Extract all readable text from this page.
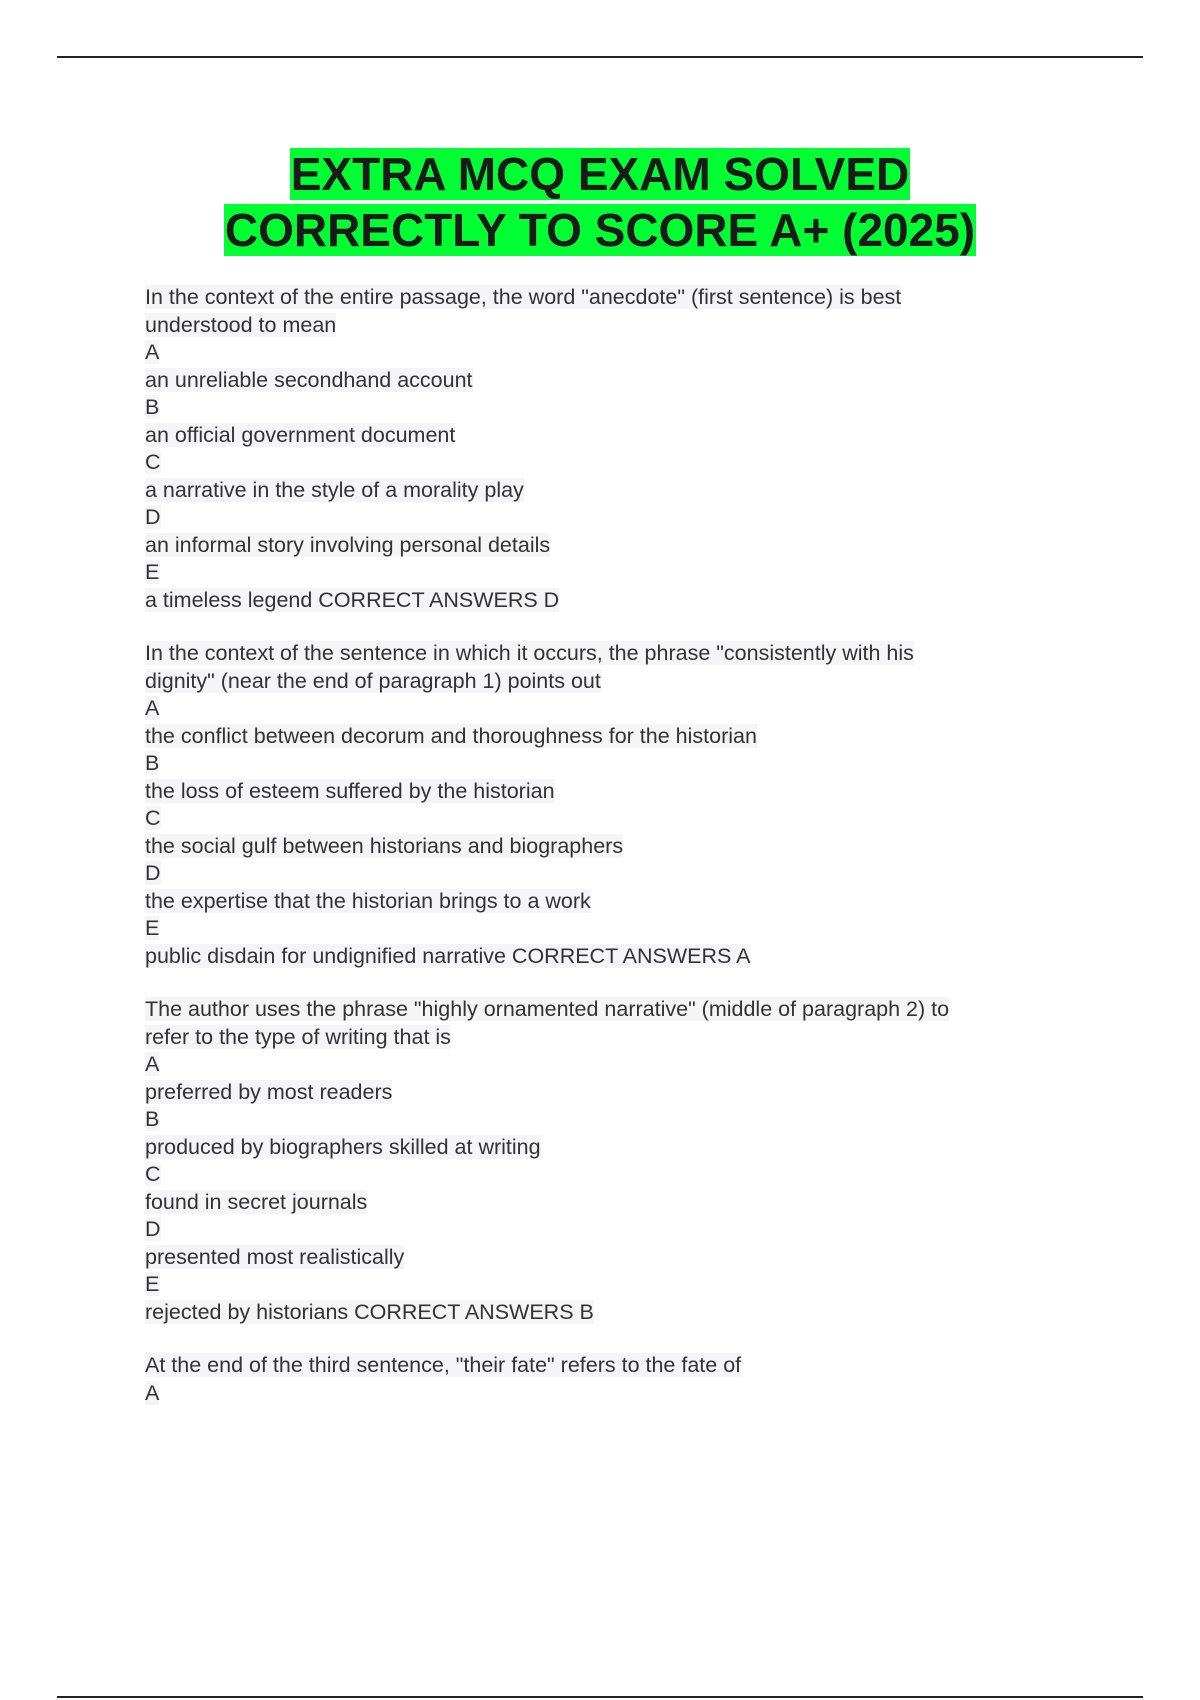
EXTRA MCQ EXAM SOLVED
CORRECTLY TO SCORE A+ (2025)
In the context of the entire passage, the word "anecdote" (first sentence) is best
understood to mean
A
an unreliable secondhand account
B
an official government document
C
a narrative in the style of a morality play
D
an informal story involving personal details
E
a timeless legend CORRECT ANSWERS D
In the context of the sentence in which it occurs, the phrase "consistently with his
dignity" (near the end of paragraph 1) points out
A
the conflict between decorum and thoroughness for the historian
B
the loss of esteem suffered by the historian
C
the social gulf between historians and biographers
D
the expertise that the historian brings to a work
E
public disdain for undignified narrative CORRECT ANSWERS A
The author uses the phrase "highly ornamented narrative" (middle of paragraph 2) to
refer to the type of writing that is
A
preferred by most readers
B
produced by biographers skilled at writing
C
found in secret journals
D
presented most realistically
E
rejected by historians CORRECT ANSWERS B
At the end of the third sentence, "their fate" refers to the fate of
A
